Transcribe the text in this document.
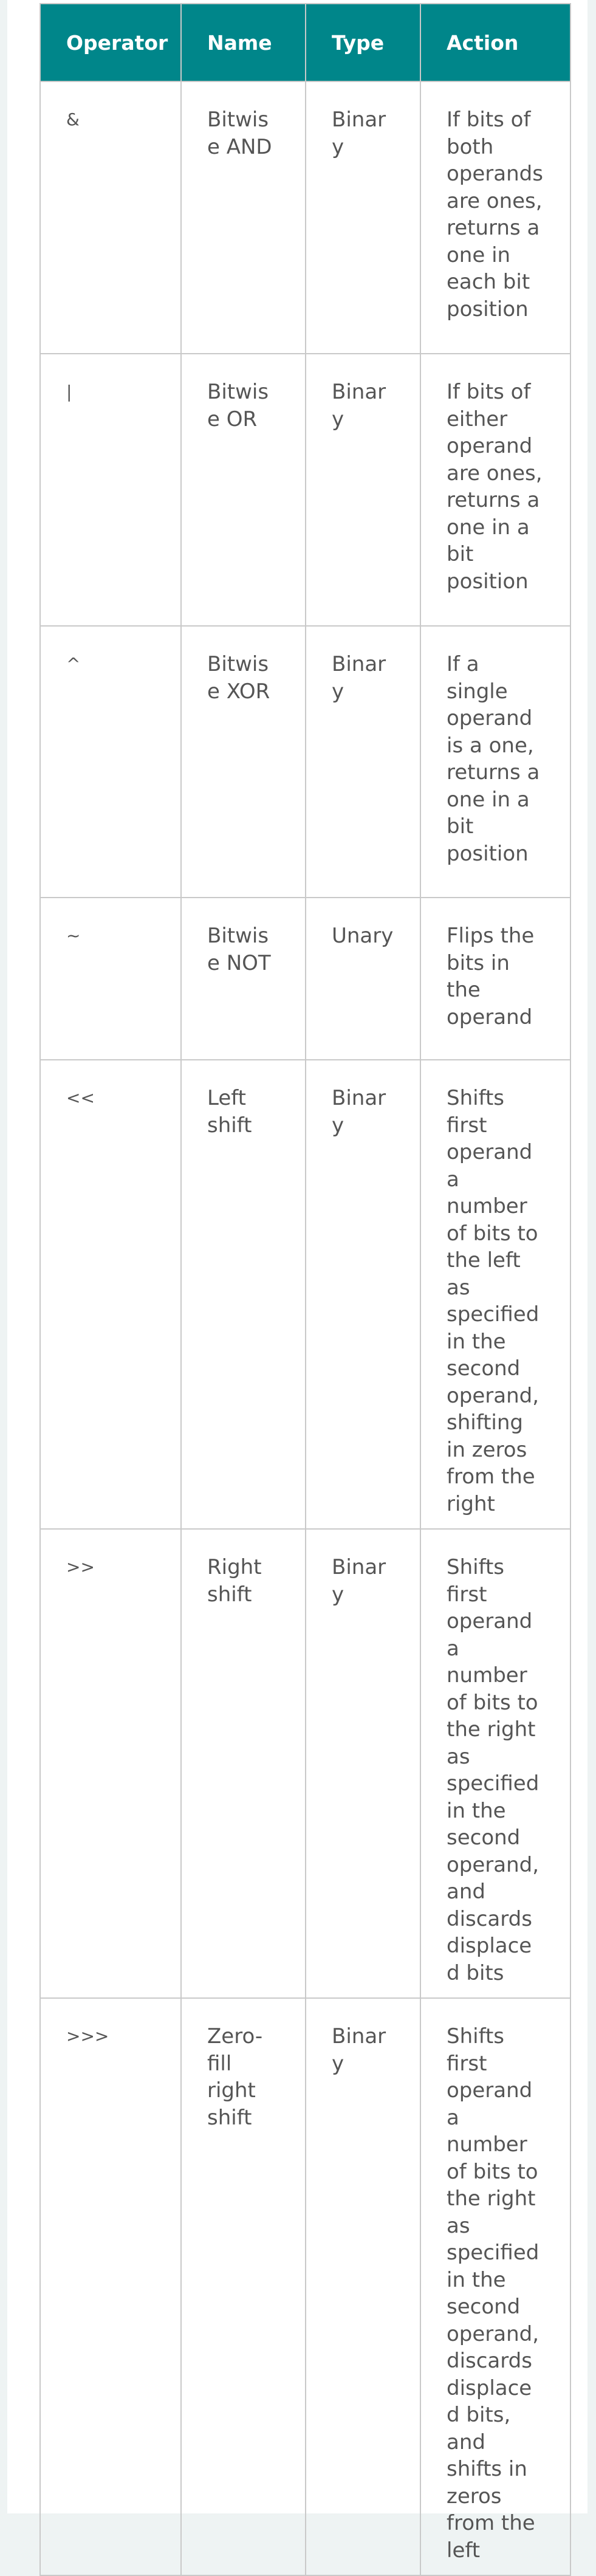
Operator	Name	Type	Action
&	Bitwise AND	Binary	If bits of both operands are ones, returns a one in each bit position
|	Bitwise OR	Binary	If bits of either operand are ones, returns a one in a bit position
^	Bitwise XOR	Binary	If a single operand is a one, returns a one in a bit position
~	Bitwise NOT	Unary	Flips the bits in the operand
<<	Left shift	Binary	Shifts first operand a number of bits to the left as specified in the second operand, shifting in zeros from the right
>>	Right shift	Binary	Shifts first operand a number of bits to the right as specified in the second operand, and discards displaced bits
>>>	Zero-fill right shift	Binary	Shifts first operand a number of bits to the right as specified in the second operand, discards displaced bits, and shifts in zeros from the left
